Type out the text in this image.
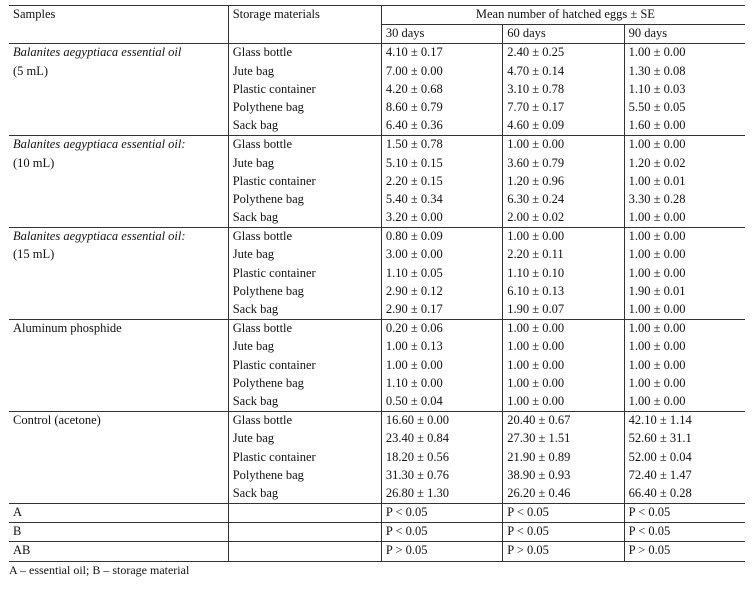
Samples	Storage materials	Mean number of hatched eggs ± SE		
		30 days	60 days	90 days
Balanites aegyptiaca essential oil	Glass bottle	4.10 ± 0.17	2.40 ± 0.25	1.00 ± 0.00
(5 mL)	Jute bag	7.00 ± 0.00	4.70 ± 0.14	1.30 ± 0.08
	Plastic container	4.20 ± 0.68	3.10 ± 0.78	1.10 ± 0.03
	Polythene bag	8.60 ± 0.79	7.70 ± 0.17	5.50 ± 0.05
	Sack bag	6.40 ± 0.36	4.60 ± 0.09	1.60 ± 0.00
Balanites aegyptiaca essential oil:	Glass bottle	1.50 ± 0.78	1.00 ± 0.00	1.00 ± 0.00
(10 mL)	Jute bag	5.10 ± 0.15	3.60 ± 0.79	1.20 ± 0.02
	Plastic container	2.20 ± 0.15	1.20 ± 0.96	1.00 ± 0.01
	Polythene bag	5.40 ± 0.34	6.30 ± 0.24	3.30 ± 0.28
	Sack bag	3.20 ± 0.00	2.00 ± 0.02	1.00 ± 0.00
Balanites aegyptiaca essential oil:	Glass bottle	0.80 ± 0.09	1.00 ± 0.00	1.00 ± 0.00
(15 mL)	Jute bag	3.00 ± 0.00	2.20 ± 0.11	1.00 ± 0.00
	Plastic container	1.10 ± 0.05	1.10 ± 0.10	1.00 ± 0.00
	Polythene bag	2.90 ± 0.12	6.10 ± 0.13	1.90 ± 0.01
	Sack bag	2.90 ± 0.17	1.90 ± 0.07	1.00 ± 0.00
Aluminum phosphide	Glass bottle	0.20 ± 0.06	1.00 ± 0.00	1.00 ± 0.00
	Jute bag	1.00 ± 0.13	1.00 ± 0.00	1.00 ± 0.00
	Plastic container	1.00 ± 0.00	1.00 ± 0.00	1.00 ± 0.00
	Polythene bag	1.10 ± 0.00	1.00 ± 0.00	1.00 ± 0.00
	Sack bag	0.50 ± 0.04	1.00 ± 0.00	1.00 ± 0.00
Control (acetone)	Glass bottle	16.60 ± 0.00	20.40 ± 0.67	42.10 ± 1.14
	Jute bag	23.40 ± 0.84	27.30 ± 1.51	52.60 ± 31.1
	Plastic container	18.20 ± 0.56	21.90 ± 0.89	52.00 ± 0.04
	Polythene bag	31.30 ± 0.76	38.90 ± 0.93	72.40 ± 1.47
	Sack bag	26.80 ± 1.30	26.20 ± 0.46	66.40 ± 0.28
A		P < 0.05	P < 0.05	P < 0.05
B		P < 0.05	P < 0.05	P < 0.05
AB		P > 0.05	P > 0.05	P > 0.05
A – essential oil; B – storage material
